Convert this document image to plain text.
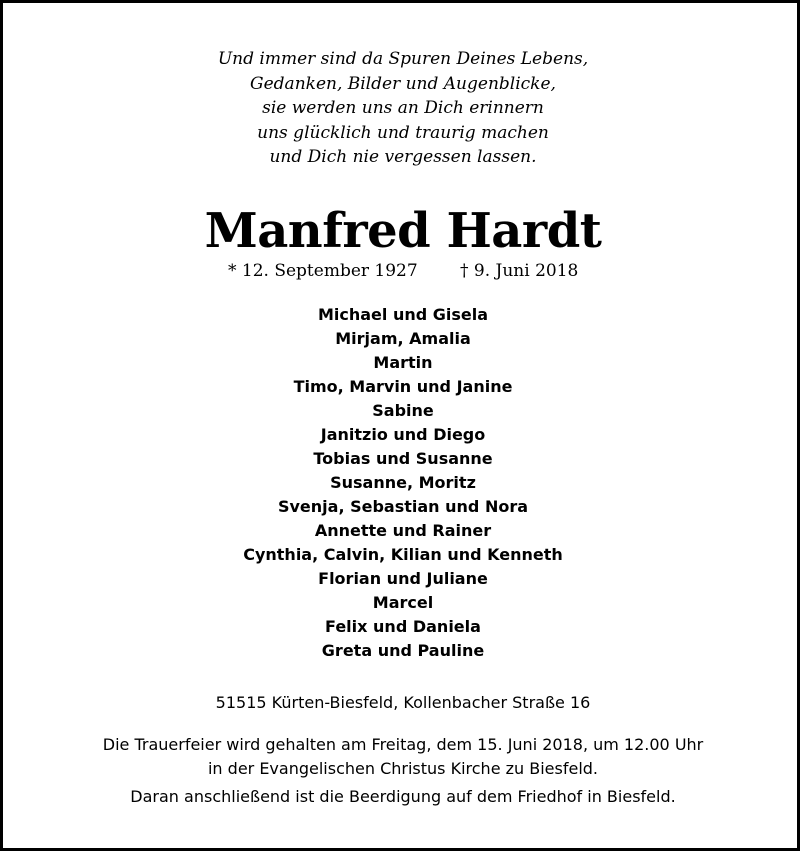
Und immer sind da Spuren Deines Lebens,
Gedanken, Bilder und Augenblicke,
sie werden uns an Dich erinnern
uns glücklich und traurig machen
und Dich nie vergessen lassen.
Manfred Hardt
* 12. September 1927 † 9. Juni 2018
Michael und Gisela
Mirjam, Amalia
Martin
Timo, Marvin und Janine
Sabine
Janitzio und Diego
Tobias und Susanne
Susanne, Moritz
Svenja, Sebastian und Nora
Annette und Rainer
Cynthia, Calvin, Kilian und Kenneth
Florian und Juliane
Marcel
Felix und Daniela
Greta und Pauline
51515 Kürten-Biesfeld, Kollenbacher Straße 16
Die Trauerfeier wird gehalten am Freitag, dem 15. Juni 2018, um 12.00 Uhr
in der Evangelischen Christus Kirche zu Biesfeld.
Daran anschließend ist die Beerdigung auf dem Friedhof in Biesfeld.
